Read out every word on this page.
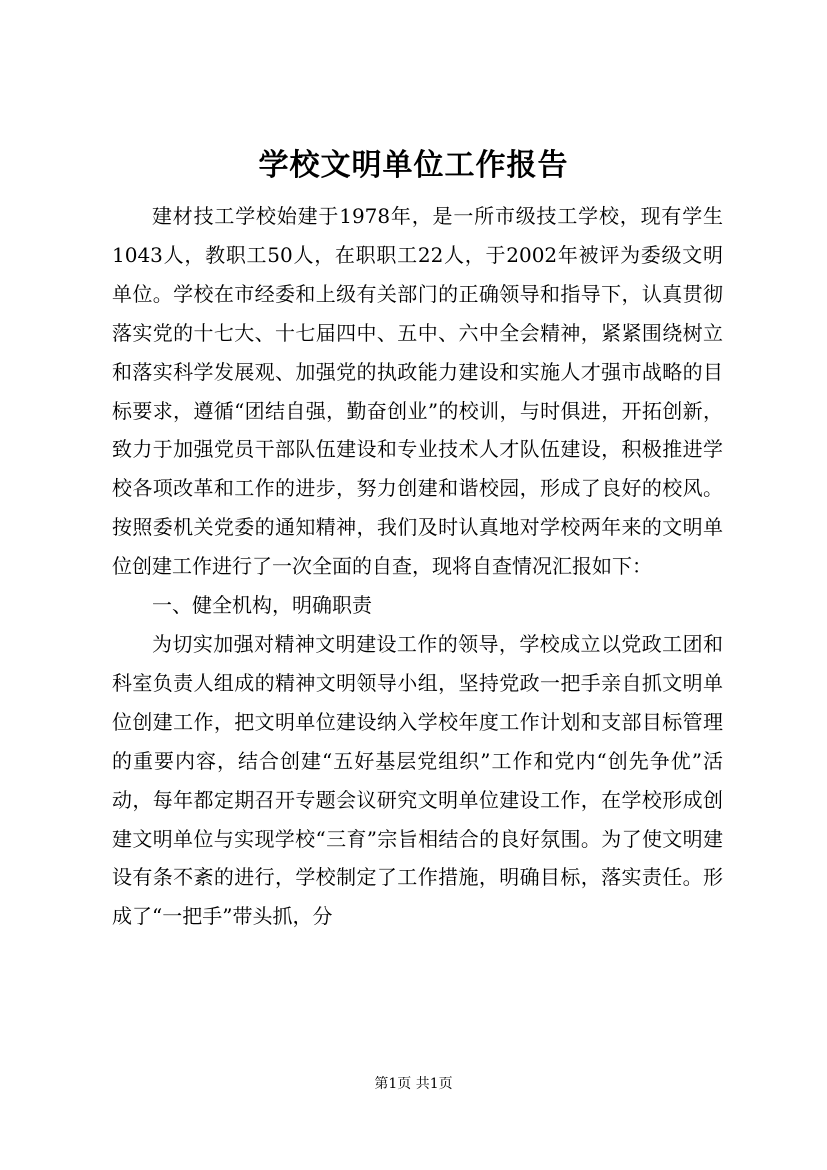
学校文明单位工作报告

建材技工学校始建于1978年，是一所市级技工学校，现有学生1043人，教职工50人，在职职工22人，于2002年被评为委级文明单位。学校在市经委和上级有关部门的正确领导和指导下，认真贯彻落实党的十七大、十七届四中、五中、六中全会精神，紧紧围绕树立和落实科学发展观、加强党的执政能力建设和实施人才强市战略的目标要求，遵循“团结自强，勤奋创业”的校训，与时俱进，开拓创新，致力于加强党员干部队伍建设和专业技术人才队伍建设，积极推进学校各项改革和工作的进步，努力创建和谐校园，形成了良好的校风。按照委机关党委的通知精神，我们及时认真地对学校两年来的文明单位创建工作进行了一次全面的自查，现将自查情况汇报如下：

一、健全机构，明确职责

为切实加强对精神文明建设工作的领导，学校成立以党政工团和科室负责人组成的精神文明领导小组，坚持党政一把手亲自抓文明单位创建工作，把文明单位建设纳入学校年度工作计划和支部目标管理的重要内容，结合创建“五好基层党组织”工作和党内“创先争优”活动，每年都定期召开专题会议研究文明单位建设工作，在学校形成创建文明单位与实现学校“三育”宗旨相结合的良好氛围。为了使文明建设有条不紊的进行，学校制定了工作措施，明确目标，落实责任。形成了“一把手”带头抓，分

第1页 共1页
